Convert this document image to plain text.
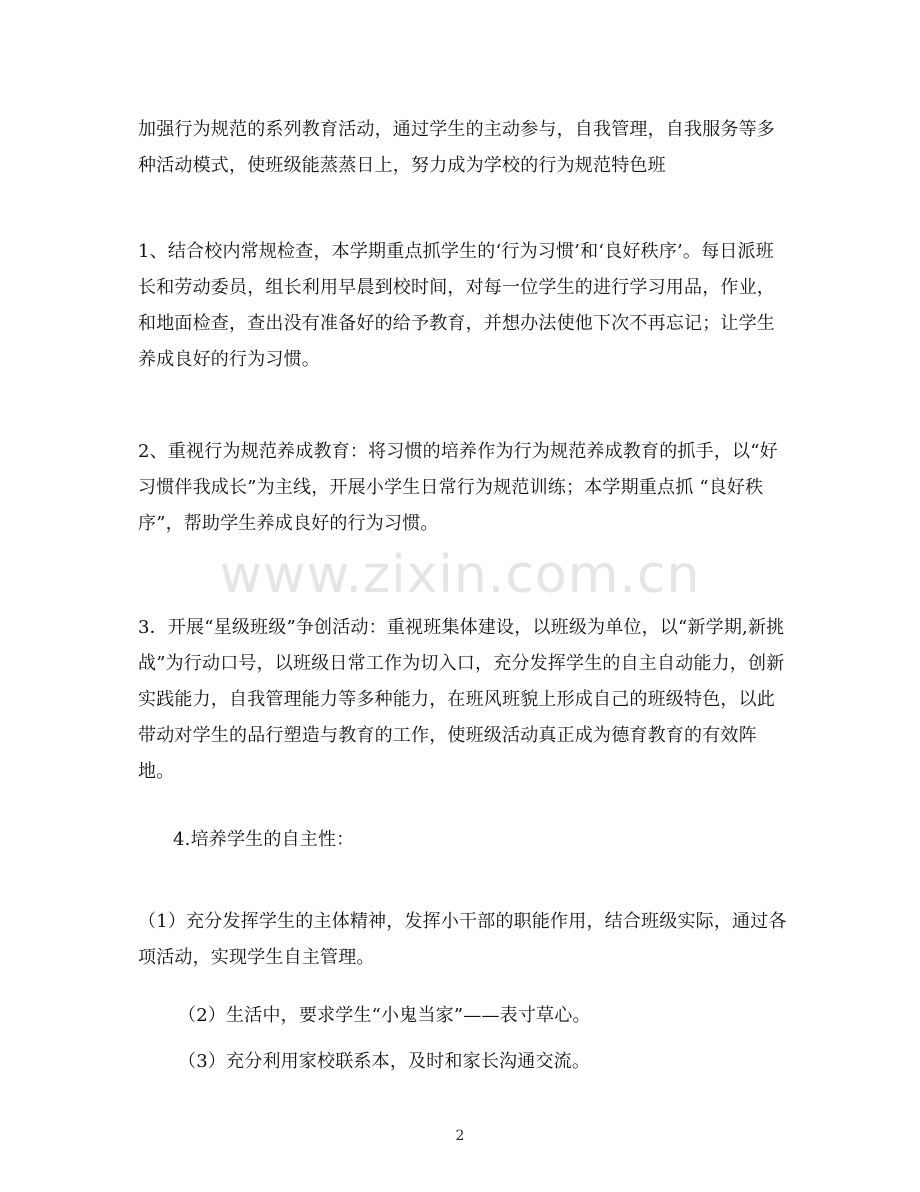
加强行为规范的系列教育活动，通过学生的主动参与，自我管理，自我服务等多种活动模式，使班级能蒸蒸日上，努力成为学校的行为规范特色班

1、结合校内常规检查，本学期重点抓学生的‘行为习惯’和‘良好秩序’。每日派班长和劳动委员，组长利用早晨到校时间，对每一位学生的进行学习用品，作业，和地面检查，查出没有准备好的给予教育，并想办法使他下次不再忘记；让学生养成良好的行为习惯。

2、重视行为规范养成教育：将习惯的培养作为行为规范养成教育的抓手，以“好习惯伴我成长”为主线，开展小学生日常行为规范训练；本学期重点抓 “良好秩序”，帮助学生养成良好的行为习惯。

3．开展“星级班级”争创活动：重视班集体建设，以班级为单位，以“新学期,新挑战”为行动口号，以班级日常工作为切入口，充分发挥学生的自主自动能力，创新实践能力，自我管理能力等多种能力，在班风班貌上形成自己的班级特色，以此带动对学生的品行塑造与教育的工作，使班级活动真正成为德育教育的有效阵地。

4.培养学生的自主性：

（1）充分发挥学生的主体精神，发挥小干部的职能作用，结合班级实际，通过各项活动，实现学生自主管理。

（2）生活中，要求学生“小鬼当家”——表寸草心。

（3）充分利用家校联系本，及时和家长沟通交流。

www.zixin.com.cn
2
